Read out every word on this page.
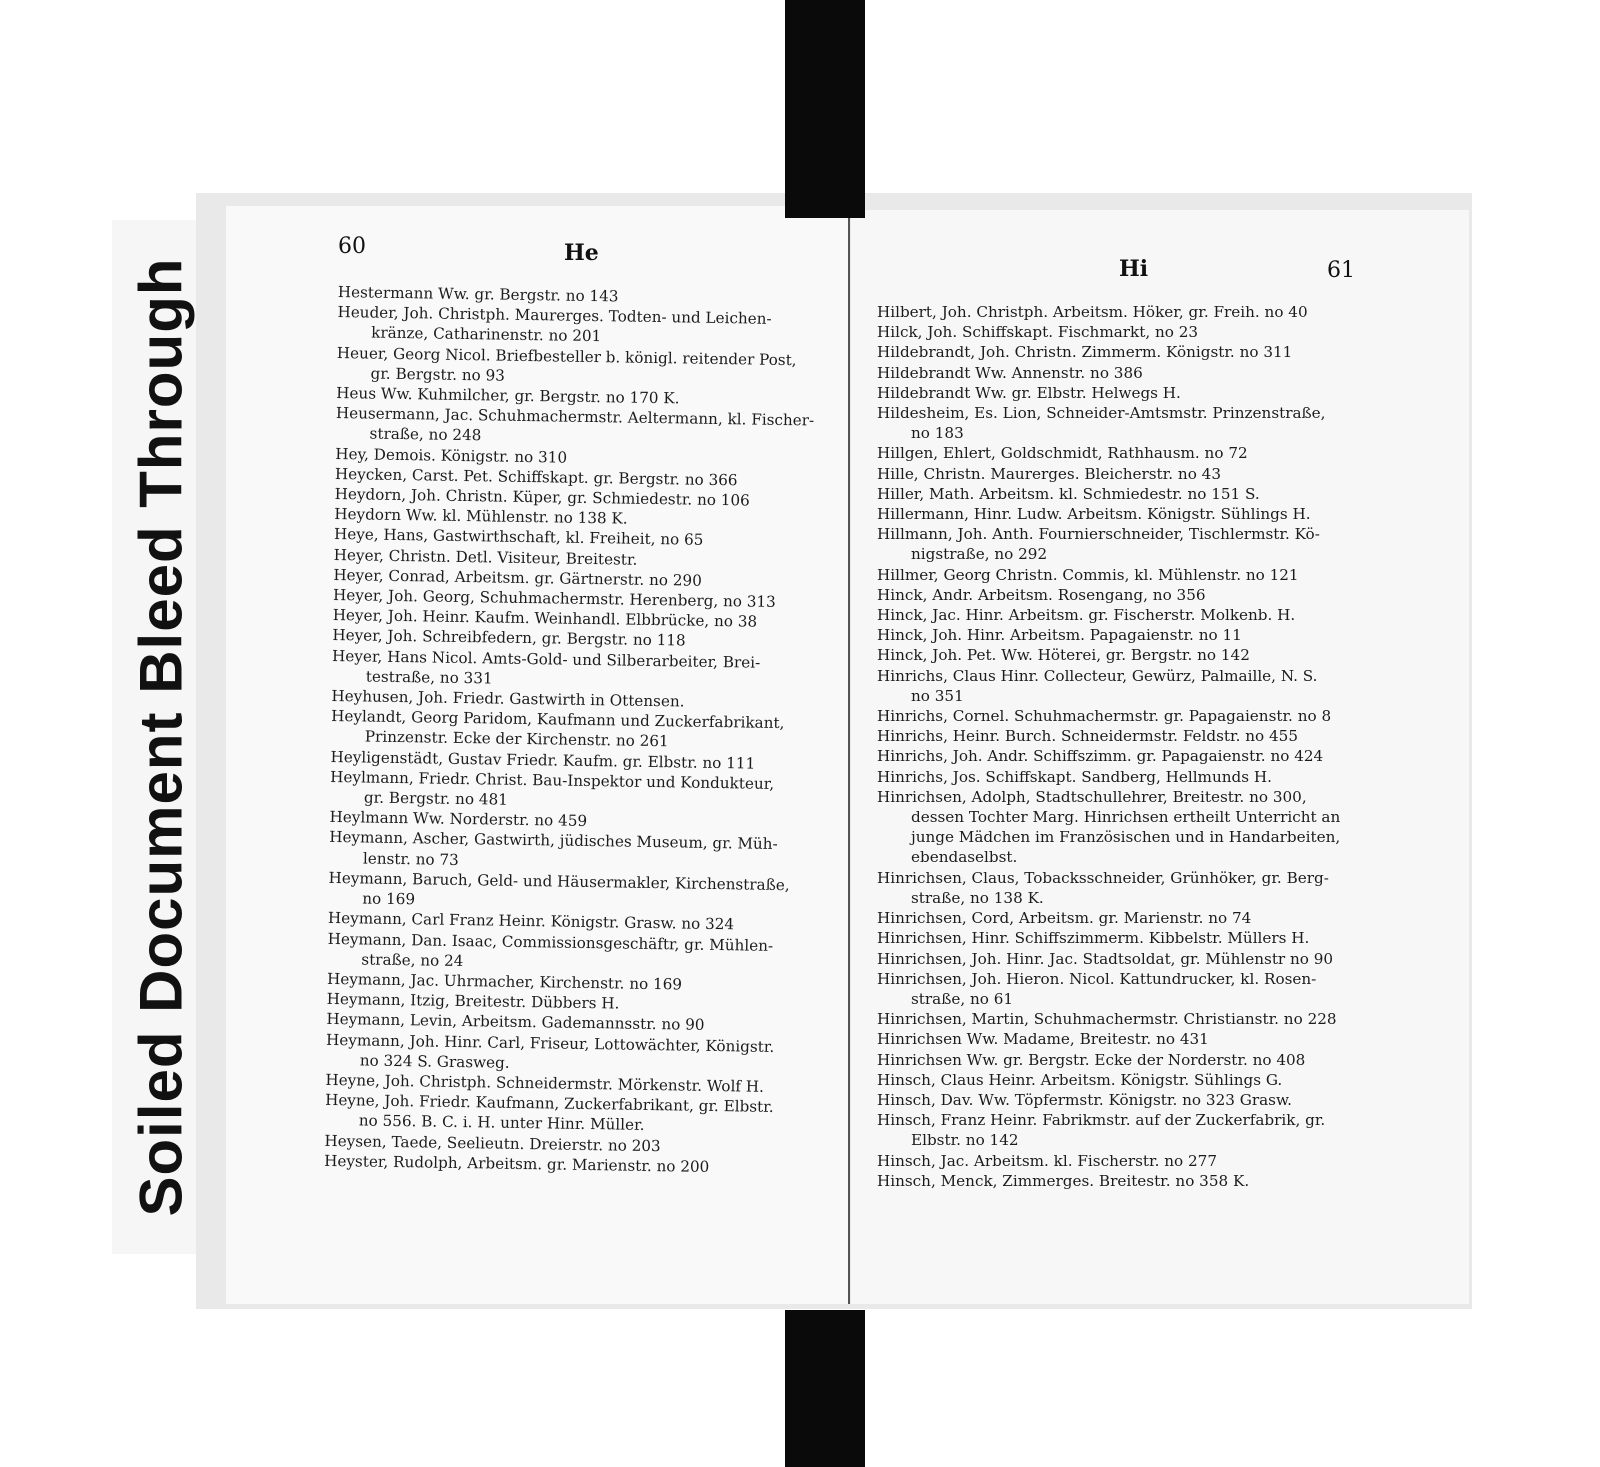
Soiled Document Bleed Through
60	He
Hestermann Ww. gr. Bergstr. no 143
Heuder, Joh. Christph. Maurerges. Todten- und Leichen-
kränze, Catharinenstr. no 201
Heuer, Georg Nicol. Briefbesteller b. königl. reitender Post,
gr. Bergstr. no 93
Heus Ww. Kuhmilcher, gr. Bergstr. no 170 K.
Heusermann, Jac. Schuhmachermstr. Aeltermann, kl. Fischer-
straße, no 248
Hey, Demois. Königstr. no 310
Heycken, Carst. Pet. Schiffskapt. gr. Bergstr. no 366
Heydorn, Joh. Christn. Küper, gr. Schmiedestr. no 106
Heydorn Ww. kl. Mühlenstr. no 138 K.
Heye, Hans, Gastwirthschaft, kl. Freiheit, no 65
Heyer, Christn. Detl. Visiteur, Breitestr.
Heyer, Conrad, Arbeitsm. gr. Gärtnerstr. no 290
Heyer, Joh. Georg, Schuhmachermstr. Herenberg, no 313
Heyer, Joh. Heinr. Kaufm. Weinhandl. Elbbrücke, no 38
Heyer, Joh. Schreibfedern, gr. Bergstr. no 118
Heyer, Hans Nicol. Amts-Gold- und Silberarbeiter, Brei-
testraße, no 331
Heyhusen, Joh. Friedr. Gastwirth in Ottensen.
Heylandt, Georg Paridom, Kaufmann und Zuckerfabrikant,
Prinzenstr. Ecke der Kirchenstr. no 261
Heyligenstädt, Gustav Friedr. Kaufm. gr. Elbstr. no 111
Heylmann, Friedr. Christ. Bau-Inspektor und Kondukteur,
gr. Bergstr. no 481
Heylmann Ww. Norderstr. no 459
Heymann, Ascher, Gastwirth, jüdisches Museum, gr. Müh-
lenstr. no 73
Heymann, Baruch, Geld- und Häusermakler, Kirchenstraße,
no 169
Heymann, Carl Franz Heinr. Königstr. Grasw. no 324
Heymann, Dan. Isaac, Commissionsgeschäftr, gr. Mühlen-
straße, no 24
Heymann, Jac. Uhrmacher, Kirchenstr. no 169
Heymann, Itzig, Breitestr. Dübbers H.
Heymann, Levin, Arbeitsm. Gademannsstr. no 90
Heymann, Joh. Hinr. Carl, Friseur, Lottowächter, Königstr.
no 324 S. Grasweg.
Heyne, Joh. Christph. Schneidermstr. Mörkenstr. Wolf H.
Heyne, Joh. Friedr. Kaufmann, Zuckerfabrikant, gr. Elbstr.
no 556. B. C. i. H. unter Hinr. Müller.
Heysen, Taede, Seelieutn. Dreierstr. no 203
Heyster, Rudolph, Arbeitsm. gr. Marienstr. no 200
Hi	61
Hilbert, Joh. Christph. Arbeitsm. Höker, gr. Freih. no 40
Hilck, Joh. Schiffskapt. Fischmarkt, no 23
Hildebrandt, Joh. Christn. Zimmerm. Königstr. no 311
Hildebrandt Ww. Annenstr. no 386
Hildebrandt Ww. gr. Elbstr. Helwegs H.
Hildesheim, Es. Lion, Schneider-Amtsmstr. Prinzenstraße,
no 183
Hillgen, Ehlert, Goldschmidt, Rathhausm. no 72
Hille, Christn. Maurerges. Bleicherstr. no 43
Hiller, Math. Arbeitsm. kl. Schmiedestr. no 151 S.
Hillermann, Hinr. Ludw. Arbeitsm. Königstr. Sühlings H.
Hillmann, Joh. Anth. Fournierschneider, Tischlermstr. Kö-
nigstraße, no 292
Hillmer, Georg Christn. Commis, kl. Mühlenstr. no 121
Hinck, Andr. Arbeitsm. Rosengang, no 356
Hinck, Jac. Hinr. Arbeitsm. gr. Fischerstr. Molkenb. H.
Hinck, Joh. Hinr. Arbeitsm. Papagaienstr. no 11
Hinck, Joh. Pet. Ww. Höterei, gr. Bergstr. no 142
Hinrichs, Claus Hinr. Collecteur, Gewürz, Palmaille, N. S.
no 351
Hinrichs, Cornel. Schuhmachermstr. gr. Papagaienstr. no 8
Hinrichs, Heinr. Burch. Schneidermstr. Feldstr. no 455
Hinrichs, Joh. Andr. Schiffszimm. gr. Papagaienstr. no 424
Hinrichs, Jos. Schiffskapt. Sandberg, Hellmunds H.
Hinrichsen, Adolph, Stadtschullehrer, Breitestr. no 300,
dessen Tochter Marg. Hinrichsen ertheilt Unterricht an
junge Mädchen im Französischen und in Handarbeiten,
ebendaselbst.
Hinrichsen, Claus, Tobacksschneider, Grünhöker, gr. Berg-
straße, no 138 K.
Hinrichsen, Cord, Arbeitsm. gr. Marienstr. no 74
Hinrichsen, Hinr. Schiffszimmerm. Kibbelstr. Müllers H.
Hinrichsen, Joh. Hinr. Jac. Stadtsoldat, gr. Mühlenstr no 90
Hinrichsen, Joh. Hieron. Nicol. Kattundrucker, kl. Rosen-
straße, no 61
Hinrichsen, Martin, Schuhmachermstr. Christianstr. no 228
Hinrichsen Ww. Madame, Breitestr. no 431
Hinrichsen Ww. gr. Bergstr. Ecke der Norderstr. no 408
Hinsch, Claus Heinr. Arbeitsm. Königstr. Sühlings G.
Hinsch, Dav. Ww. Töpfermstr. Königstr. no 323 Grasw.
Hinsch, Franz Heinr. Fabrikmstr. auf der Zuckerfabrik, gr.
Elbstr. no 142
Hinsch, Jac. Arbeitsm. kl. Fischerstr. no 277
Hinsch, Menck, Zimmerges. Breitestr. no 358 K.
